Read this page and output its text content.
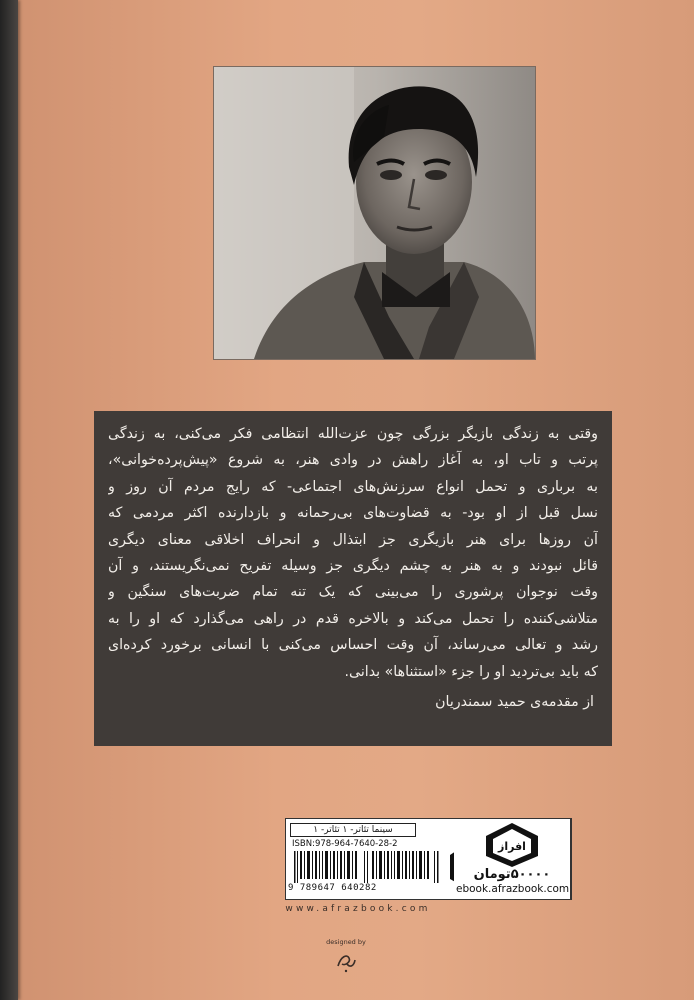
وقتی به زندگی بازیگر بزرگی چون عزت‌الله انتظامی فکر می‌کنی، به زندگی
پرتب و تاب او، به آغاز راهش در وادی هنر، به شروع «پیش‌پرده‌خوانی»،
به برباری و تحمل انواع سرزنش‌های اجتماعی- که رایج مردم آن روز و
نسل قبل از او بود- به قضاوت‌های بی‌رحمانه و بازدارنده اکثر مردمی که
آن روزها برای هنر بازیگری جز ابتذال و انحراف اخلاقی معنای دیگری
قائل نبودند و به هنر به چشم دیگری جز وسیله تفریح نمی‌نگریستند، و آن
وقت نوجوان پرشوری را می‌بینی که یک تنه تمام ضربت‌های سنگین و
متلاشی‌کننده را تحمل می‌کند و بالاخره قدم در راهی می‌گذارد که او را به
رشد و تعالی می‌رساند، آن وقت احساس می‌کنی با انسانی برخورد کرده‌ای
که باید بی‌تردید او را جزء «استثناها» بدانی.
از مقدمه‌ی حمید سمندریان
سینما تئاتر- ۱ تئاتر- ۱
ISBN:978-964-7640-28-2
9 789647 640282
افراز
۵۰۰۰۰تومان
ebook.afrazbook.com
www.afrazbook.com
designed by
